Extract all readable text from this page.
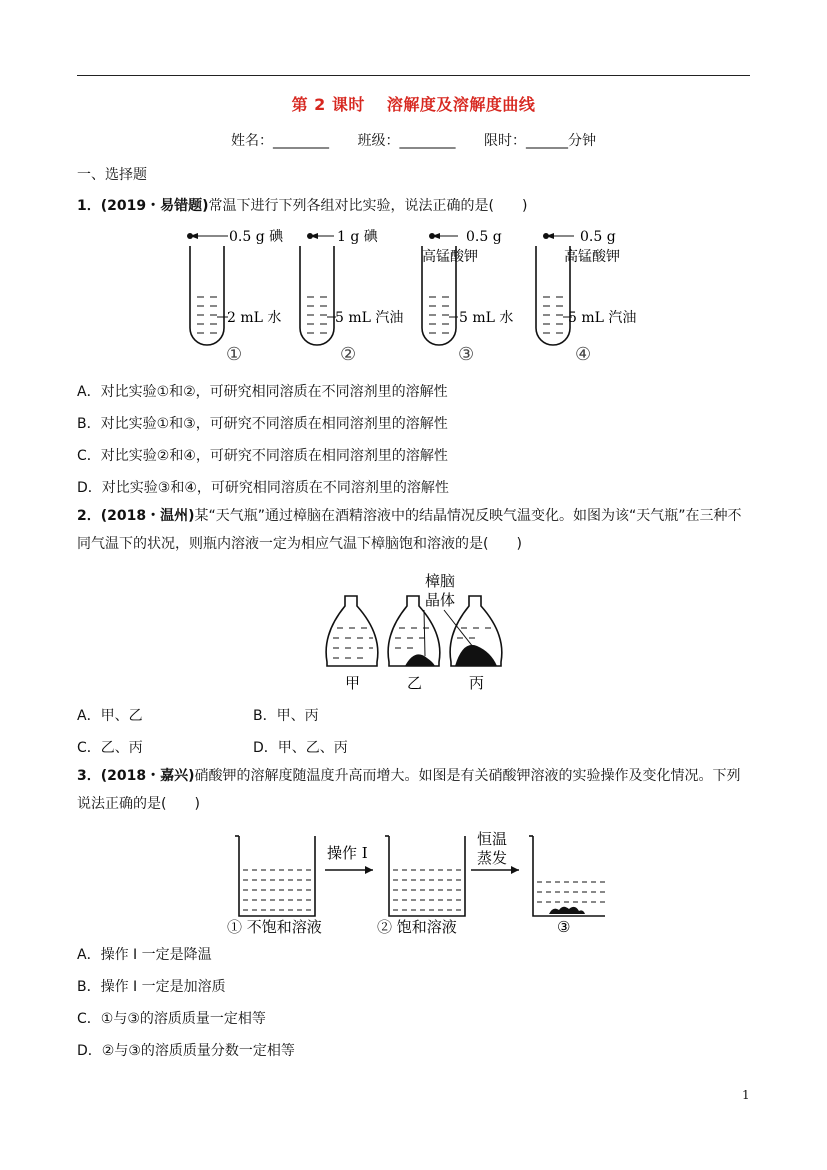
第 2 课时 溶解度及溶解度曲线
姓名：________ 班级：________ 限时：______分钟
一、选择题
1．(2019・易错题)常温下进行下列各组对比实验，说法正确的是(　　)
0.5 g 碘
2 mL 水
①
1 g 碘
5 mL 汽油
②
0.5 g
高锰酸钾
5 mL 水
③
0.5 g
高锰酸钾
5 mL 汽油
④
A．对比实验①和②，可研究相同溶质在不同溶剂里的溶解性
B．对比实验①和③，可研究不同溶质在相同溶剂里的溶解性
C．对比实验②和④，可研究不同溶质在相同溶剂里的溶解性
D．对比实验③和④，可研究相同溶质在不同溶剂里的溶解性
2．(2018・温州)某“天气瓶”通过樟脑在酒精溶液中的结晶情况反映气温变化。如图为该“天气瓶”在三种不同气温下的状况，则瓶内溶液一定为相应气温下樟脑饱和溶液的是(　　)
樟脑
晶体
甲	乙	丙
A．甲、乙	B．甲、丙
C．乙、丙	D．甲、乙、丙
3．(2018・嘉兴)硝酸钾的溶解度随温度升高而增大。如图是有关硝酸钾溶液的实验操作及变化情况。下列说法正确的是(　　)
① 不饱和溶液
操作 I
② 饱和溶液
恒温
蒸发
③
A．操作 I 一定是降温
B．操作 I 一定是加溶质
C．①与③的溶质质量一定相等
D．②与③的溶质质量分数一定相等
1
